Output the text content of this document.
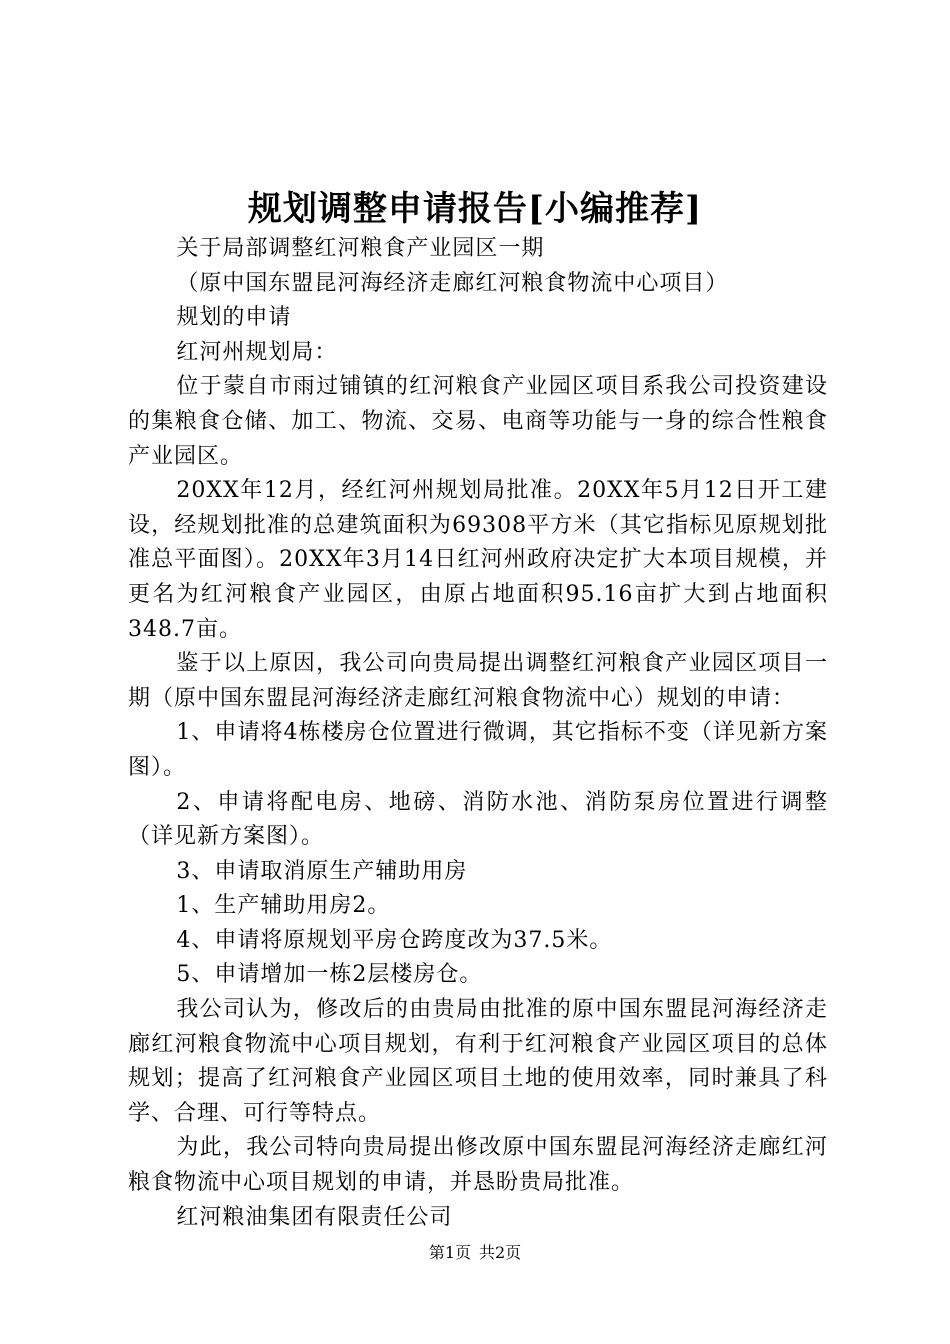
规划调整申请报告[小编推荐]

关于局部调整红河粮食产业园区一期

（原中国东盟昆河海经济走廊红河粮食物流中心项目）

规划的申请

红河州规划局：

位于蒙自市雨过铺镇的红河粮食产业园区项目系我公司投资建设的集粮食仓储、加工、物流、交易、电商等功能与一身的综合性粮食产业园区。

20XX年12月，经红河州规划局批准。20XX年5月12日开工建设，经规划批准的总建筑面积为69308平方米（其它指标见原规划批准总平面图）。20XX年3月14日红河州政府决定扩大本项目规模，并更名为红河粮食产业园区，由原占地面积95.16亩扩大到占地面积348.7亩。

鉴于以上原因，我公司向贵局提出调整红河粮食产业园区项目一期（原中国东盟昆河海经济走廊红河粮食物流中心）规划的申请：

1、申请将4栋楼房仓位置进行微调，其它指标不变（详见新方案图）。

2、申请将配电房、地磅、消防水池、消防泵房位置进行调整（详见新方案图）。

3、申请取消原生产辅助用房

1、生产辅助用房2。

4、申请将原规划平房仓跨度改为37.5米。

5、申请增加一栋2层楼房仓。

我公司认为，修改后的由贵局由批准的原中国东盟昆河海经济走廊红河粮食物流中心项目规划，有利于红河粮食产业园区项目的总体规划；提高了红河粮食产业园区项目土地的使用效率，同时兼具了科学、合理、可行等特点。

为此，我公司特向贵局提出修改原中国东盟昆河海经济走廊红河粮食物流中心项目规划的申请，并恳盼贵局批准。

红河粮油集团有限责任公司

第1页 共2页
